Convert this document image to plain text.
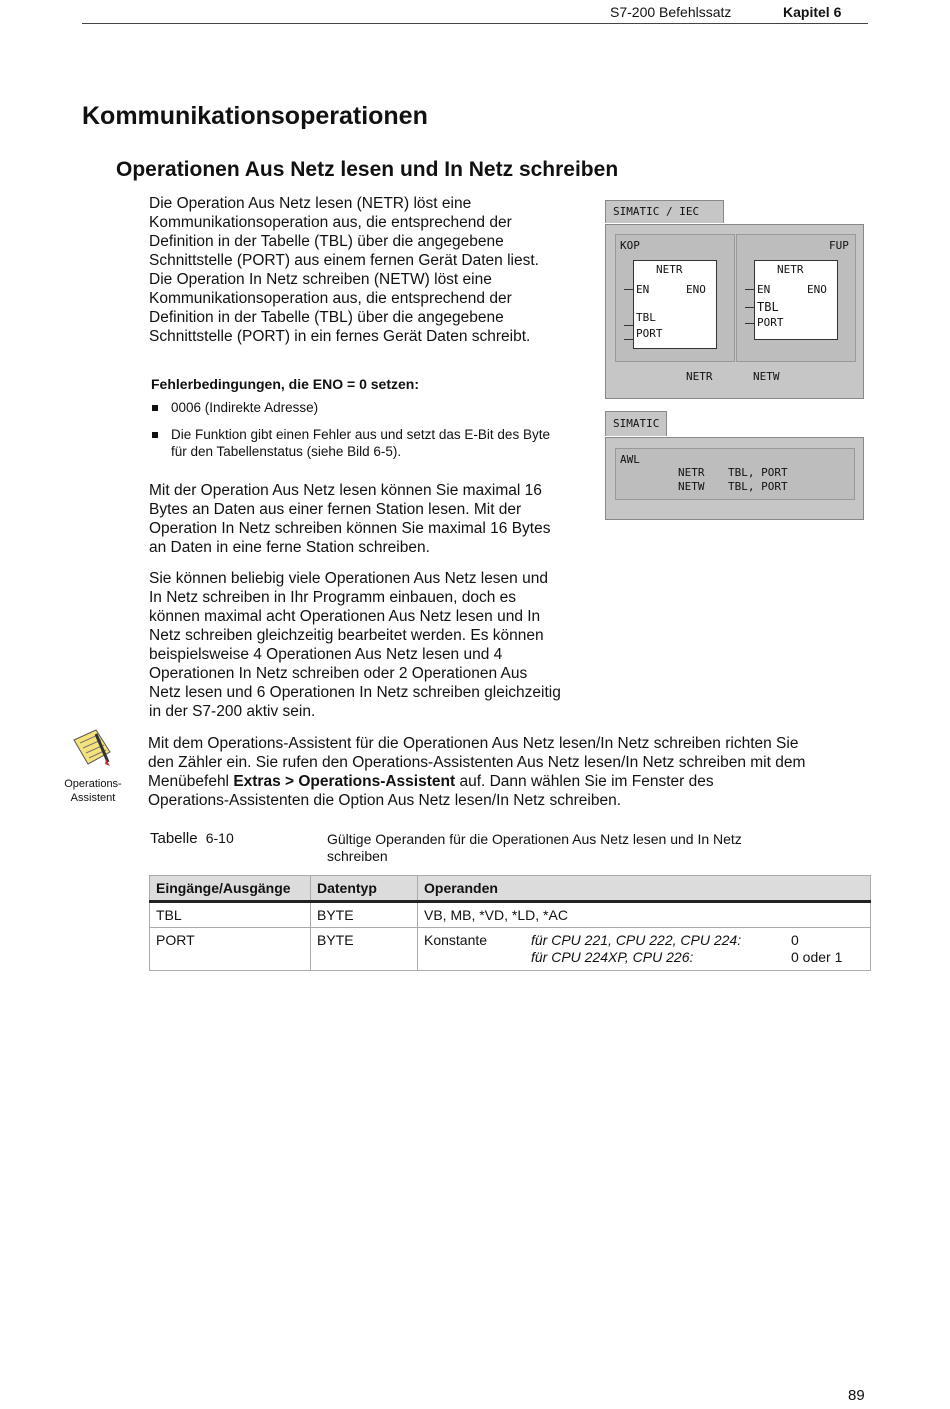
S7-200 Befehlssatz	Kapitel 6
Kommunikationsoperationen
Operationen Aus Netz lesen und In Netz schreiben

Die Operation Aus Netz lesen (NETR) löst eine

Kommunikationsoperation aus, die entsprechend der

Definition in der Tabelle (TBL) über die angegebene

Schnittstelle (PORT) aus einem fernen Gerät Daten liest.

Die Operation In Netz schreiben (NETW) löst eine

Kommunikationsoperation aus, die entsprechend der

Definition in der Tabelle (TBL) über die angegebene

Schnittstelle (PORT) in ein fernes Gerät Daten schreibt.

Fehlerbedingungen, die ENO = 0 setzen:
0006 (Indirekte Adresse)
Die Funktion gibt einen Fehler aus und setzt das E-Bit des Byte
für den Tabellenstatus (siehe Bild 6-5).

Mit der Operation Aus Netz lesen können Sie maximal 16

Bytes an Daten aus einer fernen Station lesen. Mit der

Operation In Netz schreiben können Sie maximal 16 Bytes

an Daten in eine ferne Station schreiben.

Sie können beliebig viele Operationen Aus Netz lesen und

In Netz schreiben in Ihr Programm einbauen, doch es

können maximal acht Operationen Aus Netz lesen und In

Netz schreiben gleichzeitig bearbeitet werden. Es können

beispielsweise 4 Operationen Aus Netz lesen und 4

Operationen In Netz schreiben oder 2 Operationen Aus

Netz lesen und 6 Operationen In Netz schreiben gleichzeitig

in der S7-200 aktiv sein.

Operations-
Assistent

Mit dem Operations-Assistent für die Operationen Aus Netz lesen/In Netz schreiben richten Sie

den Zähler ein. Sie rufen den Operations-Assistenten Aus Netz lesen/In Netz schreiben mit dem

Menübefehl Extras > Operations-Assistent auf. Dann wählen Sie im Fenster des

Operations-Assistenten die Option Aus Netz lesen/In Netz schreiben.

Tabelle 6-10	Gültige Operanden für die Operationen Aus Netz lesen und In Netz
schreiben
Eingänge/Ausgänge	Datentyp	Operanden
TBL	BYTE	VB, MB, *VD, *LD, *AC
PORT	BYTE	Konstante für CPU 221, CPU 222, CPU 224: 0
für CPU 224XP, CPU 226: 0 oder 1
SIMATIC / IEC
KOP
NETR
EN	ENO
TBL
PORT
FUP
NETR
EN	ENO
TBL
PORT
NETR	NETW
SIMATIC
AWL
NETR TBL, PORT
NETW TBL, PORT
89
